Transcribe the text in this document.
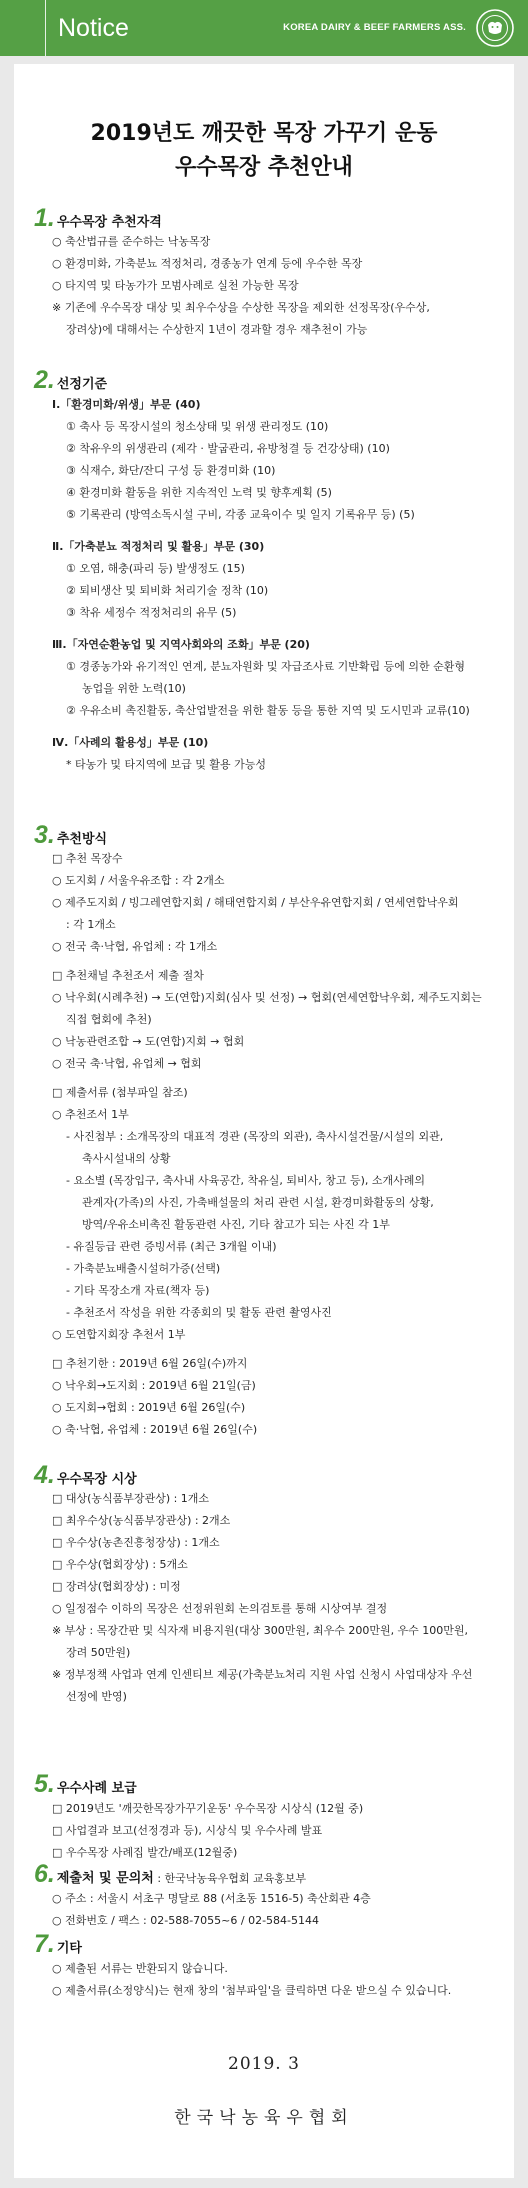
Notice	KOREA DAIRY & BEEF FARMERS ASS.
2019년도 깨끗한 목장 가꾸기 운동
우수목장 추천안내
1. 우수목장 추천자격
2. 선정기준
3. 추천방식
4. 우수목장 시상
5. 우수사례 보급
6. 제출처 및 문의처 : 한국낙농육우협회 교육홍보부
7. 기타
○ 축산법규를 준수하는 낙농목장
○ 환경미화, 가축분뇨 적정처리, 경종농가 연계 등에 우수한 목장
○ 타지역 및 타농가가 모범사례로 실천 가능한 목장
※ 기존에 우수목장 대상 및 최우수상을 수상한 목장을 제외한 선정목장(우수상,
장려상)에 대해서는 수상한지 1년이 경과할 경우 재추천이 가능
Ⅰ.「환경미화/위생」부문 (40)
① 축사 등 목장시설의 청소상태 및 위생 관리정도 (10)
② 착유우의 위생관리 (제각 · 발굽관리, 유방청결 등 건강상태) (10)
③ 식재수, 화단/잔디 구성 등 환경미화 (10)
④ 환경미화 활동을 위한 지속적인 노력 및 향후계획 (5)
⑤ 기록관리 (방역소독시설 구비, 각종 교육이수 및 일지 기록유무 등) (5)
Ⅱ.「가축분뇨 적정처리 및 활용」부문 (30)
① 오염, 해충(파리 등) 발생정도 (15)
② 퇴비생산 및 퇴비화 처리기술 정착 (10)
③ 착유 세정수 적정처리의 유무 (5)
Ⅲ.「자연순환농업 및 지역사회와의 조화」부문 (20)
① 경종농가와 유기적인 연계, 분뇨자원화 및 자급조사료 기반확립 등에 의한 순환형
농업을 위한 노력(10)
② 우유소비 촉진활동, 축산업발전을 위한 활동 등을 통한 지역 및 도시민과 교류(10)
Ⅳ.「사례의 활용성」부문 (10)
* 타농가 및 타지역에 보급 및 활용 가능성
□ 추천 목장수
○ 도지회 / 서울우유조합 : 각 2개소
○ 제주도지회 / 빙그레연합지회 / 해태연합지회 / 부산우유연합지회 / 연세연합낙우회
: 각 1개소
○ 전국 축·낙협, 유업체 : 각 1개소
□ 추천채널 추천조서 제출 절차
○ 낙우회(시례추천) → 도(연합)지회(심사 및 선정) → 협회(연세연합낙우회, 제주도지회는
직접 협회에 추천)
○ 낙농관련조합 → 도(연합)지회 → 협회
○ 전국 축·낙협, 유업체 → 협회
□ 제출서류 (첨부파일 참조)
○ 추천조서 1부
- 사진첨부 : 소개목장의 대표적 경관 (목장의 외관), 축사시설건물/시설의 외관,
축사시설내의 상황
- 요소별 (목장입구, 축사내 사육공간, 착유실, 퇴비사, 창고 등), 소개사례의
관계자(가족)의 사진, 가축배설물의 처리 관련 시설, 환경미화활동의 상황,
방역/우유소비촉진 활동관련 사진, 기타 참고가 되는 사진 각 1부
- 유질등급 관련 증빙서류 (최근 3개월 이내)
- 가축분뇨배출시설허가증(선택)
- 기타 목장소개 자료(책자 등)
- 추천조서 작성을 위한 각종회의 및 활동 관련 촬영사진
○ 도연합지회장 추천서 1부
□ 추천기한 : 2019년 6월 26일(수)까지
○ 낙우회→도지회 : 2019년 6월 21일(금)
○ 도지회→협회 : 2019년 6월 26일(수)
○ 축·낙협, 유업체 : 2019년 6월 26일(수)
□ 대상(농식품부장관상) : 1개소
□ 최우수상(농식품부장관상) : 2개소
□ 우수상(농촌진흥청장상) : 1개소
□ 우수상(협회장상) : 5개소
□ 장려상(협회장상) : 미정
○ 일정점수 이하의 목장은 선정위원회 논의검토를 통해 시상여부 결정
※ 부상 : 목장간판 및 식자재 비용지원(대상 300만원, 최우수 200만원, 우수 100만원,
장려 50만원)
※ 정부정책 사업과 연계 인센티브 제공(가축분뇨처리 지원 사업 신청시 사업대상자 우선
선정에 반영)
□ 2019년도 '깨끗한목장가꾸기운동' 우수목장 시상식 (12월 중)
□ 사업결과 보고(선정경과 등), 시상식 및 우수사례 발표
□ 우수목장 사례집 발간/배포(12월중)
○ 주소 : 서울시 서초구 명달로 88 (서초동 1516-5) 축산회관 4층
○ 전화번호 / 팩스 : 02-588-7055~6 / 02-584-5144
○ 제출된 서류는 반환되지 않습니다.
○ 제출서류(소정양식)는 현재 창의 '첨부파일'을 클릭하면 다운 받으실 수 있습니다.
2019. 3
한국낙농육우협회
